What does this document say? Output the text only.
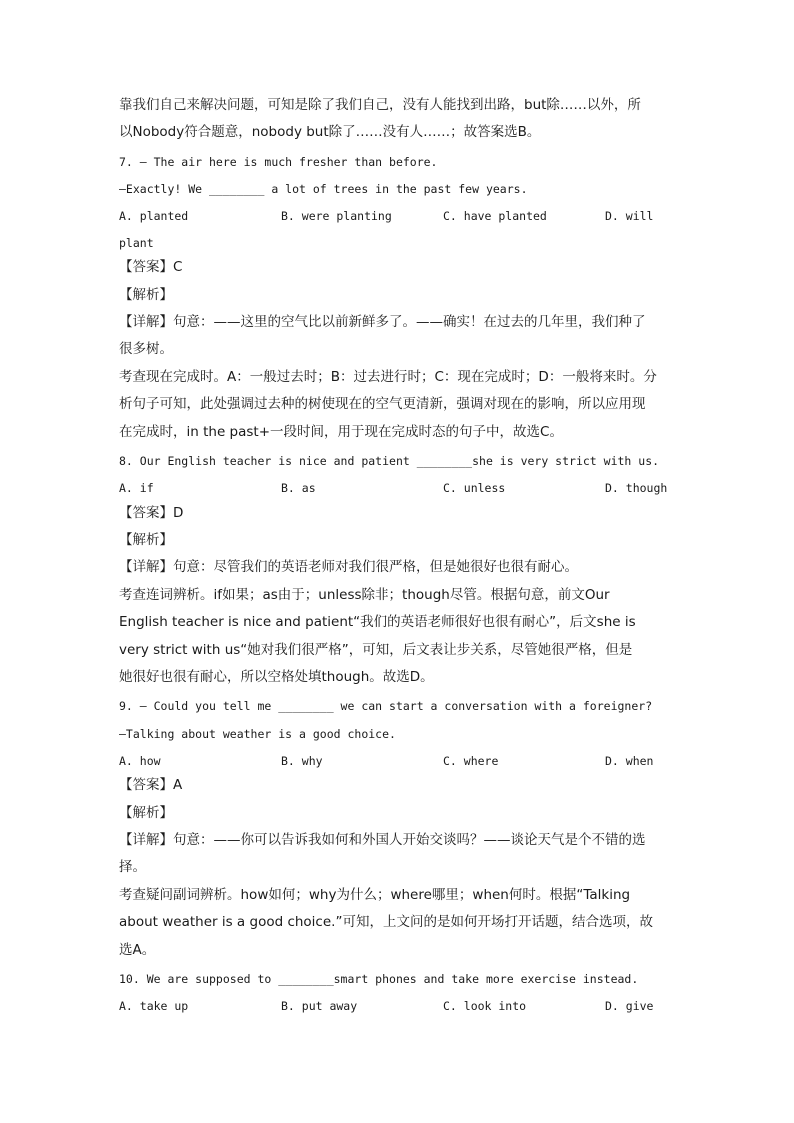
靠我们自己来解决问题，可知是除了我们自己，没有人能找到出路，but除……以外，所
以Nobody符合题意，nobody but除了……没有人……；故答案选B。
7. — The air here is much fresher than before.
—Exactly! We ________ a lot of trees in the past few years.
A. planted	B. were planting	C. have planted	D. will
plant
【答案】C
【解析】
【详解】句意：——这里的空气比以前新鲜多了。——确实！在过去的几年里，我们种了
很多树。
考查现在完成时。A：一般过去时；B：过去进行时；C：现在完成时；D：一般将来时。分
析句子可知，此处强调过去种的树使现在的空气更清新，强调对现在的影响，所以应用现
在完成时，in the past+一段时间，用于现在完成时态的句子中，故选C。
8. Our English teacher is nice and patient ________she is very strict with us.
A. if	B. as	C. unless	D. though
【答案】D
【解析】
【详解】句意：尽管我们的英语老师对我们很严格，但是她很好也很有耐心。
考查连词辨析。if如果；as由于；unless除非；though尽管。根据句意，前文Our
English teacher is nice and patient“我们的英语老师很好也很有耐心”，后文she is
very strict with us“她对我们很严格”，可知，后文表让步关系，尽管她很严格，但是
她很好也很有耐心，所以空格处填though。故选D。
9. — Could you tell me ________ we can start a conversation with a foreigner?
—Talking about weather is a good choice.
A. how	B. why	C. where	D. when
【答案】A
【解析】
【详解】句意：——你可以告诉我如何和外国人开始交谈吗？——谈论天气是个不错的选
择。
考查疑问副词辨析。how如何；why为什么；where哪里；when何时。根据“Talking
about weather is a good choice.”可知，上文问的是如何开场打开话题，结合选项，故
选A。
10. We are supposed to ________smart phones and take more exercise instead.
A. take up	B. put away	C. look into	D. give
